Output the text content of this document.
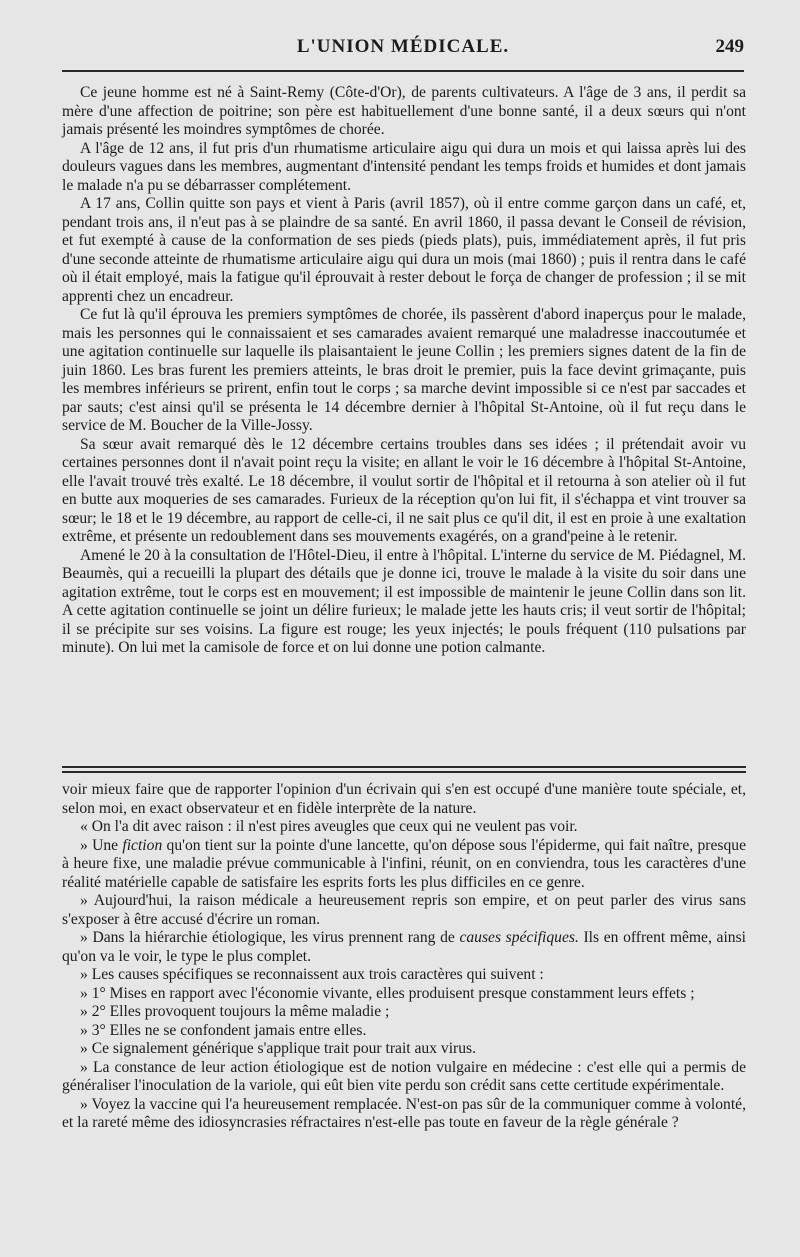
L'UNION MÉDICALE.	249

Ce jeune homme est né à Saint-Remy (Côte-d'Or), de parents cultivateurs. A l'âge de 3 ans, il perdit sa mère d'une affection de poitrine; son père est habituellement d'une bonne santé, il a deux sœurs qui n'ont jamais présenté les moindres symptômes de chorée.

A l'âge de 12 ans, il fut pris d'un rhumatisme articulaire aigu qui dura un mois et qui laissa après lui des douleurs vagues dans les membres, augmentant d'intensité pendant les temps froids et humides et dont jamais le malade n'a pu se débarrasser complétement.

A 17 ans, Collin quitte son pays et vient à Paris (avril 1857), où il entre comme garçon dans un café, et, pendant trois ans, il n'eut pas à se plaindre de sa santé. En avril 1860, il passa devant le Conseil de révision, et fut exempté à cause de la conformation de ses pieds (pieds plats), puis, immédiatement après, il fut pris d'une seconde atteinte de rhumatisme articulaire aigu qui dura un mois (mai 1860) ; puis il rentra dans le café où il était employé, mais la fatigue qu'il éprouvait à rester debout le força de changer de profession ; il se mit apprenti chez un encadreur.

Ce fut là qu'il éprouva les premiers symptômes de chorée, ils passèrent d'abord inaperçus pour le malade, mais les personnes qui le connaissaient et ses camarades avaient remarqué une maladresse inaccoutumée et une agitation continuelle sur laquelle ils plaisantaient le jeune Collin ; les premiers signes datent de la fin de juin 1860. Les bras furent les premiers atteints, le bras droit le premier, puis la face devint grimaçante, puis les membres inférieurs se prirent, enfin tout le corps ; sa marche devint impossible si ce n'est par saccades et par sauts; c'est ainsi qu'il se présenta le 14 décembre dernier à l'hôpital St-Antoine, où il fut reçu dans le service de M. Boucher de la Ville-Jossy.

Sa sœur avait remarqué dès le 12 décembre certains troubles dans ses idées ; il prétendait avoir vu certaines personnes dont il n'avait point reçu la visite; en allant le voir le 16 décembre à l'hôpital St-Antoine, elle l'avait trouvé très exalté. Le 18 décembre, il voulut sortir de l'hôpital et il retourna à son atelier où il fut en butte aux moqueries de ses camarades. Furieux de la réception qu'on lui fit, il s'échappa et vint trouver sa sœur; le 18 et le 19 décembre, au rapport de celle-ci, il ne sait plus ce qu'il dit, il est en proie à une exaltation extrême, et présente un redoublement dans ses mouvements exagérés, on a grand'peine à le retenir.

Amené le 20 à la consultation de l'Hôtel-Dieu, il entre à l'hôpital. L'interne du service de M. Piédagnel, M. Beaumès, qui a recueilli la plupart des détails que je donne ici, trouve le malade à la visite du soir dans une agitation extrême, tout le corps est en mouvement; il est impossible de maintenir le jeune Collin dans son lit. A cette agitation continuelle se joint un délire furieux; le malade jette les hauts cris; il veut sortir de l'hôpital; il se précipite sur ses voisins. La figure est rouge; les yeux injectés; le pouls fréquent (110 pulsations par minute). On lui met la camisole de force et on lui donne une potion calmante.

voir mieux faire que de rapporter l'opinion d'un écrivain qui s'en est occupé d'une manière toute spéciale, et, selon moi, en exact observateur et en fidèle interprète de la nature.

« On l'a dit avec raison : il n'est pires aveugles que ceux qui ne veulent pas voir.

» Une fiction qu'on tient sur la pointe d'une lancette, qu'on dépose sous l'épiderme, qui fait naître, presque à heure fixe, une maladie prévue communicable à l'infini, réunit, on en conviendra, tous les caractères d'une réalité matérielle capable de satisfaire les esprits forts les plus difficiles en ce genre.

» Aujourd'hui, la raison médicale a heureusement repris son empire, et on peut parler des virus sans s'exposer à être accusé d'écrire un roman.

» Dans la hiérarchie étiologique, les virus prennent rang de causes spécifiques. Ils en offrent même, ainsi qu'on va le voir, le type le plus complet.

» Les causes spécifiques se reconnaissent aux trois caractères qui suivent :

» 1° Mises en rapport avec l'économie vivante, elles produisent presque constamment leurs effets ;

» 2° Elles provoquent toujours la même maladie ;

» 3° Elles ne se confondent jamais entre elles.

» Ce signalement générique s'applique trait pour trait aux virus.

» La constance de leur action étiologique est de notion vulgaire en médecine : c'est elle qui a permis de généraliser l'inoculation de la variole, qui eût bien vite perdu son crédit sans cette certitude expérimentale.

» Voyez la vaccine qui l'a heureusement remplacée. N'est-on pas sûr de la communiquer comme à volonté, et la rareté même des idiosyncrasies réfractaires n'est-elle pas toute en faveur de la règle générale ?
